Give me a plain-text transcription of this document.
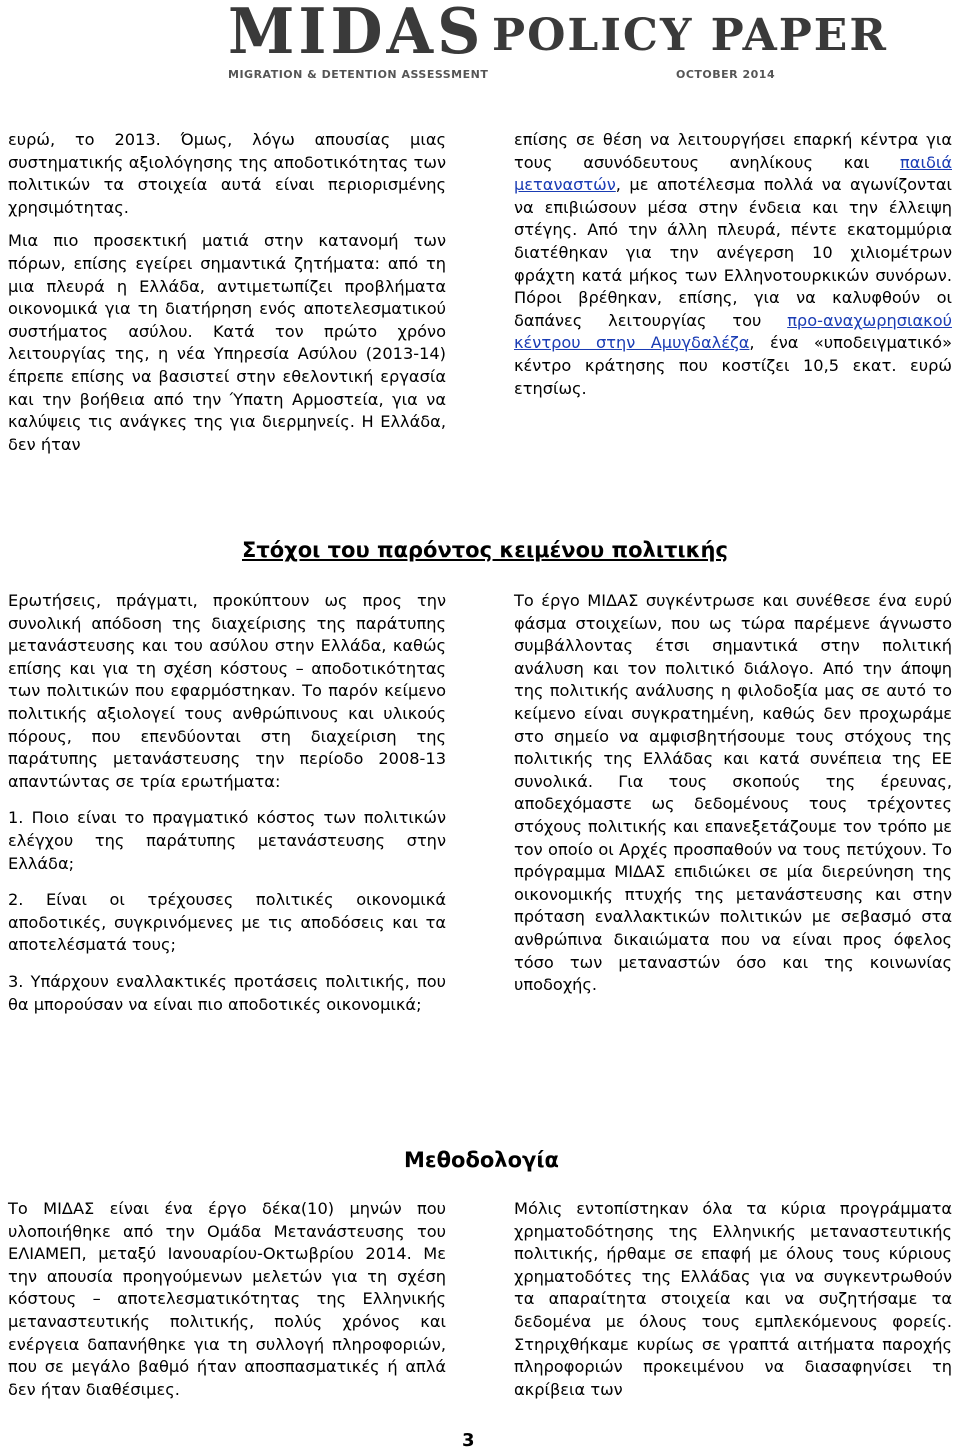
MIDAS POLICY PAPER
MIGRATION & DETENTION ASSESSMENT	OCTOBER 2014

ευρώ, το 2013. Όμως, λόγω απουσίας μιας συστηματικής αξιολόγησης της αποδοτικότητας των πολιτικών τα στοιχεία αυτά είναι περιορισμένης χρησιμότητας.

Μια πιο προσεκτική ματιά στην κατανομή των πόρων, επίσης εγείρει σημαντικά ζητήματα: από τη μια πλευρά η Ελλάδα, αντιμετωπίζει προβλήματα οικονομικά για τη διατήρηση ενός αποτελεσματικού συστήματος ασύλου. Κατά τον πρώτο χρόνο λειτουργίας της, η νέα Υπηρεσία Ασύλου (2013-14) έπρεπε επίσης να βασιστεί στην εθελοντική εργασία και την βοήθεια από την Ύπατη Αρμοστεία, για να καλύψεις τις ανάγκες της για διερμηνείς. Η Ελλάδα, δεν ήταν

επίσης σε θέση να λειτουργήσει επαρκή κέντρα για τους ασυνόδευτους ανηλίκους και παιδιά μεταναστών, με αποτέλεσμα πολλά να αγωνίζονται να επιβιώσουν μέσα στην ένδεια και την έλλειψη στέγης. Από την άλλη πλευρά, πέντε εκατομμύρια διατέθηκαν για την ανέγερση 10 χιλιομέτρων φράχτη κατά μήκος των Ελληνοτουρκικών συνόρων. Πόροι βρέθηκαν, επίσης, για να καλυφθούν οι δαπάνες λειτουργίας του προ-αναχωρησιακού κέντρου στην Αμυγδαλέζα, ένα «υποδειγματικό» κέντρο κράτησης που κοστίζει 10,5 εκατ. ευρώ ετησίως.

Στόχοι του παρόντος κειμένου πολιτικής

Ερωτήσεις, πράγματι, προκύπτουν ως προς την συνολική απόδοση της διαχείρισης της παράτυπης μετανάστευσης και του ασύλου στην Ελλάδα, καθώς επίσης και για τη σχέση κόστους – αποδοτικότητας των πολιτικών που εφαρμόστηκαν. Το παρόν κείμενο πολιτικής αξιολογεί τους ανθρώπινους και υλικούς πόρους, που επενδύονται στη διαχείριση της παράτυπης μετανάστευσης την περίοδο 2008-13 απαντώντας σε τρία ερωτήματα:

1. Ποιο είναι το πραγματικό κόστος των πολιτικών ελέγχου της παράτυπης μετανάστευσης στην Ελλάδα;

2. Είναι οι τρέχουσες πολιτικές οικονομικά αποδοτικές, συγκρινόμενες με τις αποδόσεις και τα αποτελέσματά τους;

3. Υπάρχουν εναλλακτικές προτάσεις πολιτικής, που θα μπορούσαν να είναι πιο αποδοτικές οικονομικά;

Το έργο ΜΙΔΑΣ συγκέντρωσε και συνέθεσε ένα ευρύ φάσμα στοιχείων, που ως τώρα παρέμενε άγνωστο συμβάλλοντας έτσι σημαντικά στην πολιτική ανάλυση και τον πολιτικό διάλογο. Από την άποψη της πολιτικής ανάλυσης η φιλοδοξία μας σε αυτό το κείμενο είναι συγκρατημένη, καθώς δεν προχωράμε στο σημείο να αμφισβητήσουμε τους στόχους της πολιτικής της Ελλάδας και κατά συνέπεια της ΕΕ συνολικά. Για τους σκοπούς της έρευνας, αποδεχόμαστε ως δεδομένους τους τρέχοντες στόχους πολιτικής και επανεξετάζουμε τον τρόπο με τον οποίο οι Αρχές προσπαθούν να τους πετύχουν. Το πρόγραμμα ΜΙΔΑΣ επιδιώκει σε μία διερεύνηση της οικονομικής πτυχής της μετανάστευσης και στην πρόταση εναλλακτικών πολιτικών με σεβασμό στα ανθρώπινα δικαιώματα που να είναι προς όφελος τόσο των μεταναστών όσο και της κοινωνίας υποδοχής.

Μεθοδολογία

Το ΜΙΔΑΣ είναι ένα έργο δέκα(10) μηνών που υλοποιήθηκε από την Ομάδα Μετανάστευσης του ΕΛΙΑΜΕΠ, μεταξύ Ιανουαρίου-Οκτωβρίου 2014. Με την απουσία προηγούμενων μελετών για τη σχέση κόστους – αποτελεσματικότητας της Ελληνικής μεταναστευτικής πολιτικής, πολύς χρόνος και ενέργεια δαπανήθηκε για τη συλλογή πληροφοριών, που σε μεγάλο βαθμό ήταν αποσπασματικές ή απλά δεν ήταν διαθέσιμες.

Μόλις εντοπίστηκαν όλα τα κύρια προγράμματα χρηματοδότησης της Ελληνικής μεταναστευτικής πολιτικής, ήρθαμε σε επαφή με όλους τους κύριους χρηματοδότες της Ελλάδας για να συγκεντρωθούν τα απαραίτητα στοιχεία και να συζητήσαμε τα δεδομένα με όλους τους εμπλεκόμενους φορείς. Στηριχθήκαμε κυρίως σε γραπτά αιτήματα παροχής πληροφοριών προκειμένου να διασαφηνίσει τη ακρίβεια των

3
